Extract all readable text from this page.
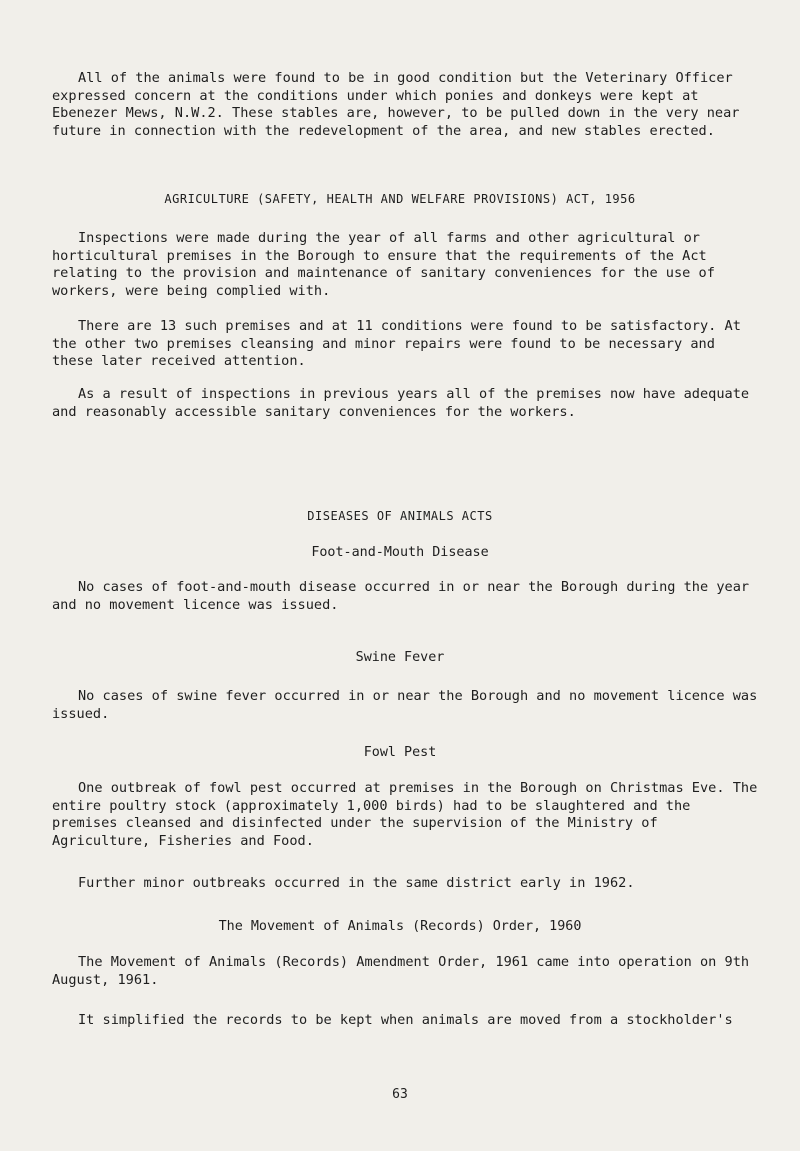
All of the animals were found to be in good condition but the Veterinary Officer expressed concern at the conditions under which ponies and donkeys were kept at Ebenezer Mews, N.W.2. These stables are, however, to be pulled down in the very near future in connection with the redevelopment of the area, and new stables erected.

AGRICULTURE (SAFETY, HEALTH AND WELFARE PROVISIONS) ACT, 1956

Inspections were made during the year of all farms and other agricultural or horticultural premises in the Borough to ensure that the requirements of the Act relating to the provision and maintenance of sanitary conveniences for the use of workers, were being complied with.

There are 13 such premises and at 11 conditions were found to be satisfactory. At the other two premises cleansing and minor repairs were found to be necessary and these later received attention.

As a result of inspections in previous years all of the premises now have adequate and reasonably accessible sanitary conveniences for the workers.

DISEASES OF ANIMALS ACTS

Foot-and-Mouth Disease

No cases of foot-and-mouth disease occurred in or near the Borough during the year and no movement licence was issued.

Swine Fever

No cases of swine fever occurred in or near the Borough and no movement licence was issued.

Fowl Pest

One outbreak of fowl pest occurred at premises in the Borough on Christmas Eve. The entire poultry stock (approximately 1,000 birds) had to be slaughtered and the premises cleansed and disinfected under the supervision of the Ministry of Agriculture, Fisheries and Food.

Further minor outbreaks occurred in the same district early in 1962.

The Movement of Animals (Records) Order, 1960

The Movement of Animals (Records) Amendment Order, 1961 came into operation on 9th August, 1961.

It simplified the records to be kept when animals are moved from a stockholder's

63
